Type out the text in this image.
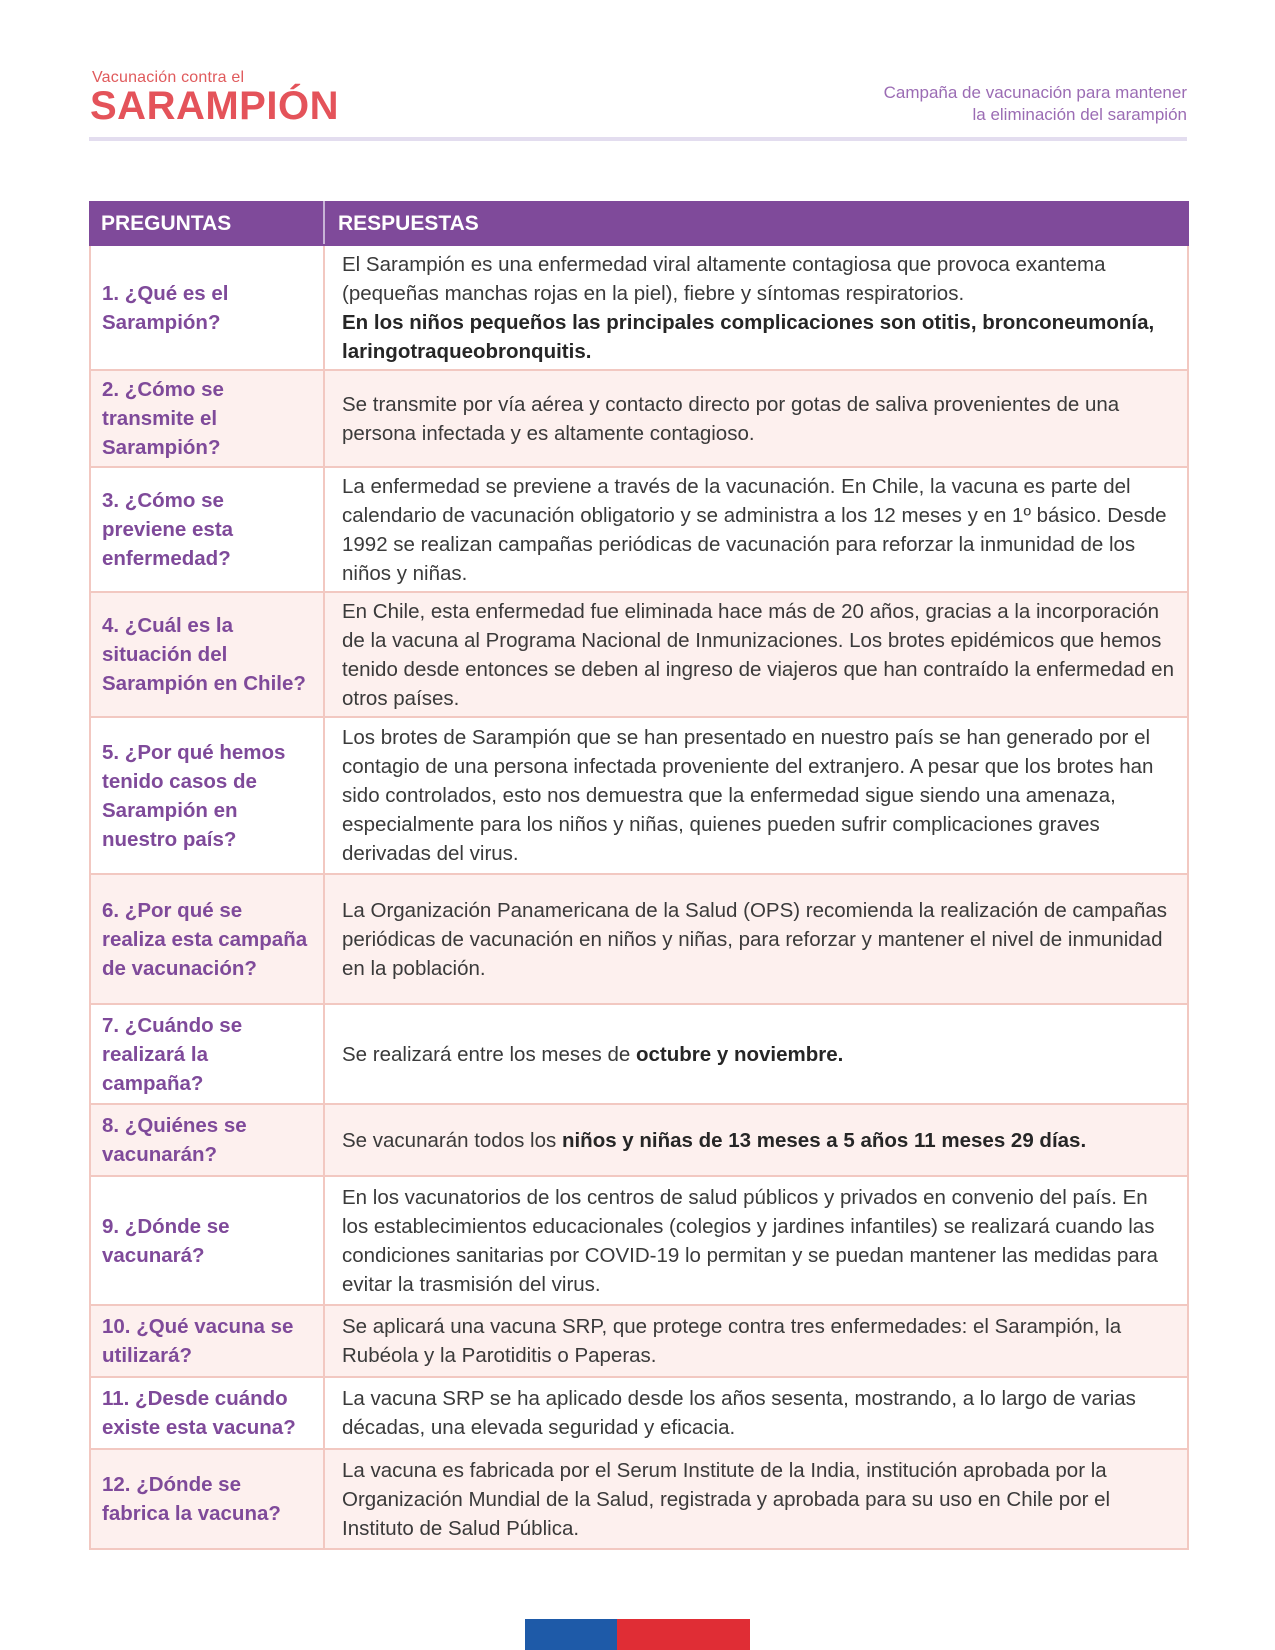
Vacunación contra el
SARAMPIÓN	Campaña de vacunación para mantener
la eliminación del sarampión
PREGUNTAS	RESPUESTAS
1. ¿Qué es el Sarampión?	El Sarampión es una enfermedad viral altamente contagiosa que provoca exantema (pequeñas manchas rojas en la piel), fiebre y síntomas respiratorios.
En los niños pequeños las principales complicaciones son otitis, bronconeumonía, laringotraqueobronquitis.
2. ¿Cómo se transmite el Sarampión?	Se transmite por vía aérea y contacto directo por gotas de saliva provenientes de una persona infectada y es altamente contagioso.
3. ¿Cómo se previene esta enfermedad?	La enfermedad se previene a través de la vacunación. En Chile, la vacuna es parte del calendario de vacunación obligatorio y se administra a los 12 meses y en 1º básico. Desde 1992 se realizan campañas periódicas de vacunación para reforzar la inmunidad de los niños y niñas.
4. ¿Cuál es la situación del Sarampión en Chile?	En Chile, esta enfermedad fue eliminada hace más de 20 años, gracias a la incorporación de la vacuna al Programa Nacional de Inmunizaciones. Los brotes epidémicos que hemos tenido desde entonces se deben al ingreso de viajeros que han contraído la enfermedad en otros países.
5. ¿Por qué hemos tenido casos de Sarampión en nuestro país?	Los brotes de Sarampión que se han presentado en nuestro país se han generado por el contagio de una persona infectada proveniente del extranjero. A pesar que los brotes han sido controlados, esto nos demuestra que la enfermedad sigue siendo una amenaza, especialmente para los niños y niñas, quienes pueden sufrir complicaciones graves derivadas del virus.
6. ¿Por qué se realiza esta campaña de vacunación?	La Organización Panamericana de la Salud (OPS) recomienda la realización de campañas periódicas de vacunación en niños y niñas, para reforzar y mantener el nivel de inmunidad en la población.
7. ¿Cuándo se realizará la campaña?	Se realizará entre los meses de octubre y noviembre.
8. ¿Quiénes se vacunarán?	Se vacunarán todos los niños y niñas de 13 meses a 5 años 11 meses 29 días.
9. ¿Dónde se vacunará?	En los vacunatorios de los centros de salud públicos y privados en convenio del país. En los establecimientos educacionales (colegios y jardines infantiles) se realizará cuando las condiciones sanitarias por COVID-19 lo permitan y se puedan mantener las medidas para evitar la trasmisión del virus.
10. ¿Qué vacuna se utilizará?	Se aplicará una vacuna SRP, que protege contra tres enfermedades: el Sarampión, la Rubéola y la Parotiditis o Paperas.
11. ¿Desde cuándo existe esta vacuna?	La vacuna SRP se ha aplicado desde los años sesenta, mostrando, a lo largo de varias décadas, una elevada seguridad y eficacia.
12. ¿Dónde se fabrica la vacuna?	La vacuna es fabricada por el Serum Institute de la India, institución aprobada por la Organización Mundial de la Salud, registrada y aprobada para su uso en Chile por el Instituto de Salud Pública.
